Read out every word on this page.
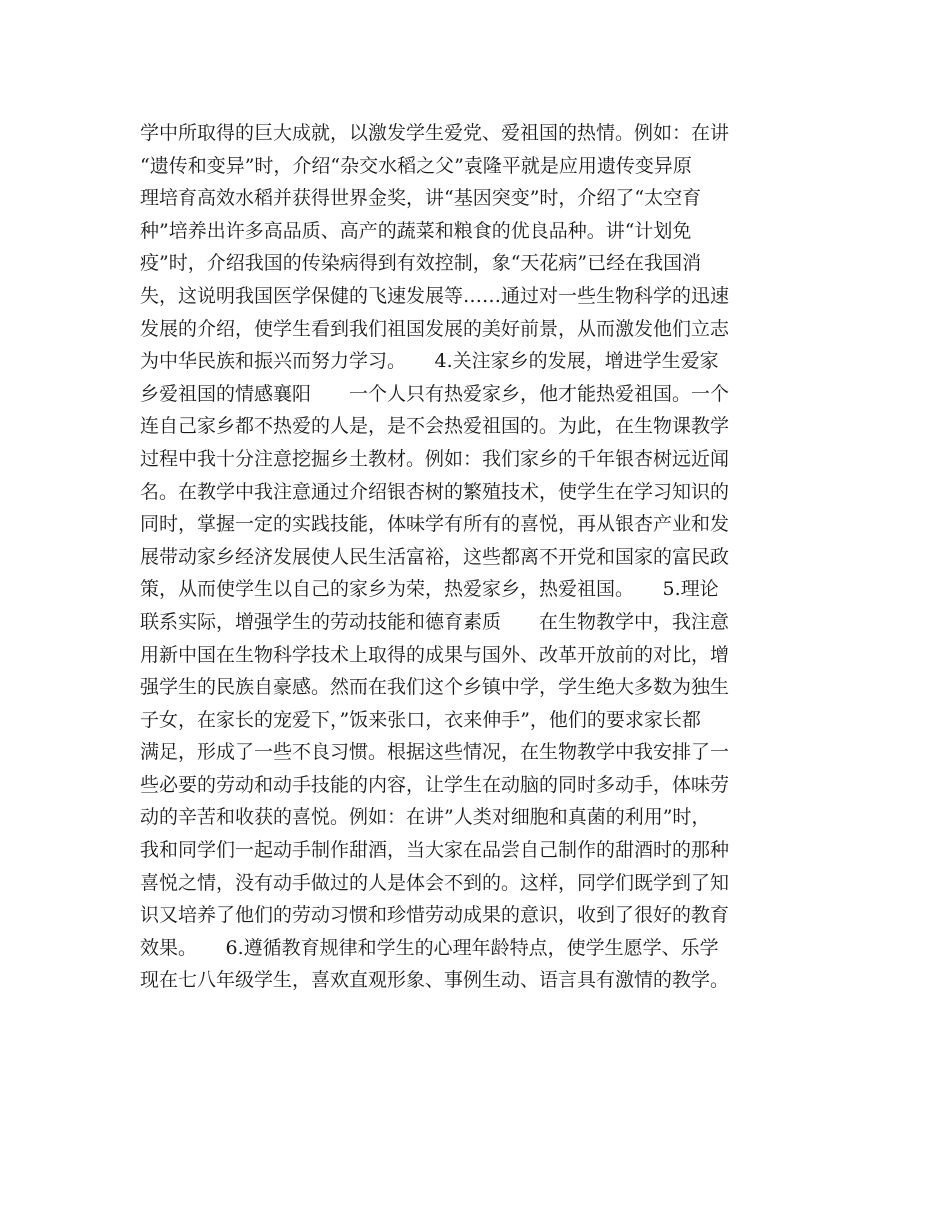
学中所取得的巨大成就，以激发学生爱党、爱祖国的热情。例如：在讲
“遗传和变异”时，介绍“杂交水稻之父”袁隆平就是应用遗传变异原
理培育高效水稻并获得世界金奖，讲“基因突变”时，介绍了“太空育
种”培养出许多高品质、高产的蔬菜和粮食的优良品种。讲“计划免
疫”时，介绍我国的传染病得到有效控制，象“天花病”已经在我国消
失，这说明我国医学保健的飞速发展等……通过对一些生物科学的迅速
发展的介绍，使学生看到我们祖国发展的美好前景，从而激发他们立志
为中华民族和振兴而努力学习。　　4.关注家乡的发展，增进学生爱家
乡爱祖国的情感襄阳　　一个人只有热爱家乡，他才能热爱祖国。一个
连自己家乡都不热爱的人是，是不会热爱祖国的。为此，在生物课教学
过程中我十分注意挖掘乡土教材。例如：我们家乡的千年银杏树远近闻
名。在教学中我注意通过介绍银杏树的繁殖技术，使学生在学习知识的
同时，掌握一定的实践技能，体味学有所有的喜悦，再从银杏产业和发
展带动家乡经济发展使人民生活富裕，这些都离不开党和国家的富民政
策，从而使学生以自己的家乡为荣，热爱家乡，热爱祖国。　　5.理论
联系实际，增强学生的劳动技能和德育素质　　在生物教学中，我注意
用新中国在生物科学技术上取得的成果与国外、改革开放前的对比，增
强学生的民族自豪感。然而在我们这个乡镇中学，学生绝大多数为独生
子女，在家长的宠爱下，”饭来张口，衣来伸手”，他们的要求家长都
满足，形成了一些不良习惯。根据这些情况，在生物教学中我安排了一
些必要的劳动和动手技能的内容，让学生在动脑的同时多动手，体味劳
动的辛苦和收获的喜悦。例如：在讲”人类对细胞和真菌的利用”时，
我和同学们一起动手制作甜酒，当大家在品尝自己制作的甜酒时的那种
喜悦之情，没有动手做过的人是体会不到的。这样，同学们既学到了知
识又培养了他们的劳动习惯和珍惜劳动成果的意识，收到了很好的教育
效果。　　6.遵循教育规律和学生的心理年龄特点，使学生愿学、乐学
现在七八年级学生，喜欢直观形象、事例生动、语言具有激情的教学。
